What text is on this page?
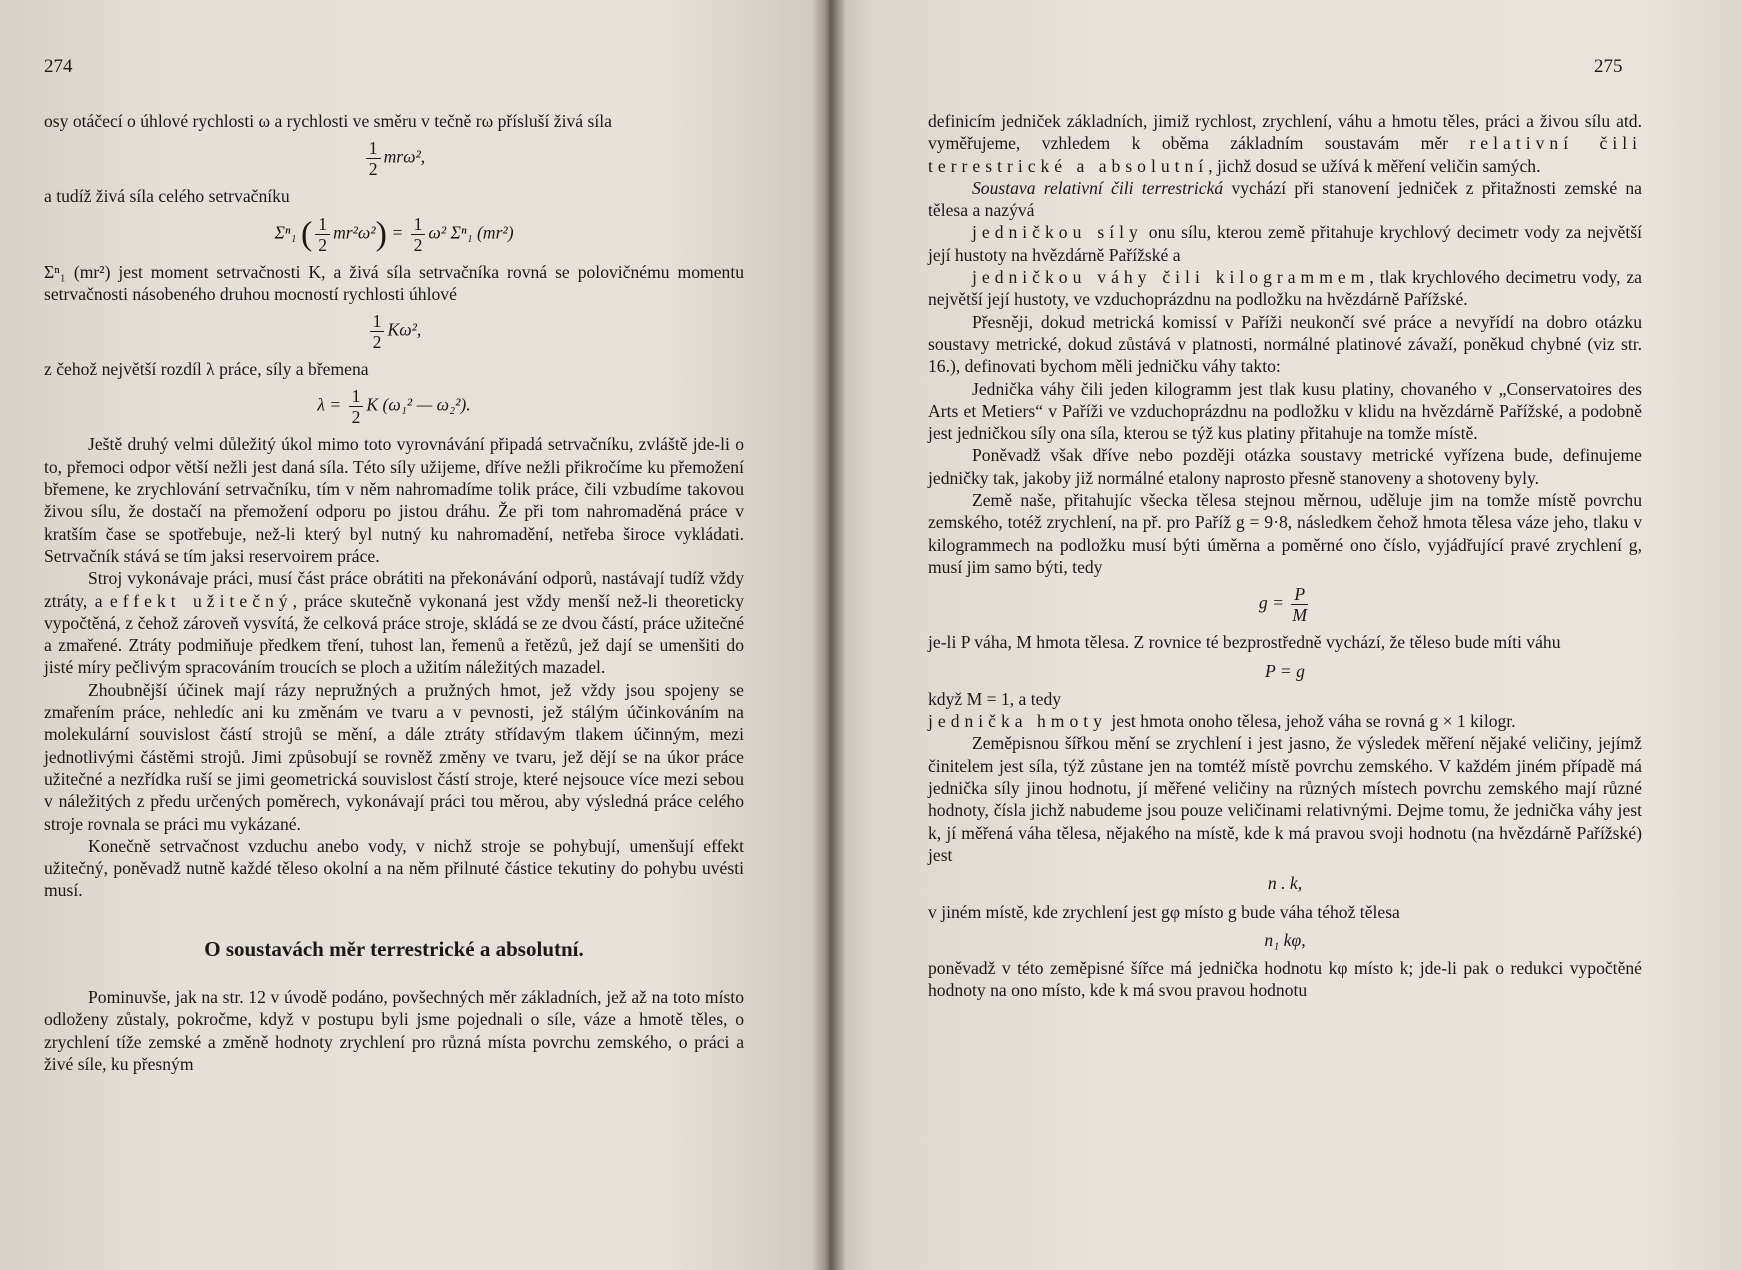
274

osy otáčecí o úhlové rychlosti ω a rychlosti ve směru v tečně rω přísluší živá síla

$\frac{1}{2} mr\omega^2$,

a tudíž živá síla celého setrvačníku

Σⁿ₁ ( $\frac{1}{2} mr^2\omega^2) = \frac{1}{2} \omega^2$ Σⁿ₁ (mr²)

Σⁿ₁ (mr²) jest moment setrvačnosti K, a živá síla setrvačníka rovná se polovičnému momentu setrvačnosti násobeného druhou mocností rychlosti úhlové

$\frac{1}{2} K\omega^2$,

z čehož největší rozdíl λ práce, síly a břemena

$\lambda = \frac{1}{2}$ K (ω₁² — ω₂²).

Ještě druhý velmi důležitý úkol mimo toto vyrovnávání připadá setrvačníku, zvláště jde-li o to, přemoci odpor větší nežli jest daná síla. Této síly užijeme, dříve nežli přikročíme ku přemožení břemene, ke zrychlování setrvačníku, tím v něm nahromadíme tolik práce, čili vzbudíme takovou živou sílu, že dostačí na přemožení odporu po jistou dráhu. Že při tom nahromaděná práce v kratším čase se spotřebuje, než-li který byl nutný ku nahromadění, netřeba široce vykládati. Setrvačník stává se tím jaksi reservoirem práce.

Stroj vykonávaje práci, musí část práce obrátiti na překonávání odporů, nastávají tudíž vždy ztráty, a effekt užitečný, práce skutečně vykonaná jest vždy menší než-li theoreticky vypočtěná, z čehož zároveň vysvítá, že celková práce stroje, skládá se ze dvou částí, práce užitečné a zmařené. Ztráty podmiňuje předkem tření, tuhost lan, řemenů a řetězů, jež dají se umenšiti do jisté míry pečlivým spracováním troucích se ploch a užitím náležitých mazadel.

Zhoubnější účinek mají rázy nepružných a pružných hmot, jež vždy jsou spojeny se zmařením práce, nehledíc ani ku změnám ve tvaru a v pevnosti, jež stálým účinkováním na molekulární souvislost částí strojů se mění, a dále ztráty střídavým tlakem účinným, mezi jednotlivými částěmi strojů. Jimi způsobují se rovněž změny ve tvaru, jež dějí se na úkor práce užitečné a nezřídka ruší se jimi geometrická souvislost částí stroje, které nejsouce více mezi sebou v náležitých z předu určených poměrech, vykonávají práci tou měrou, aby výsledná práce celého stroje rovnala se práci mu vykázané.

Konečně setrvačnost vzduchu anebo vody, v nichž stroje se pohybují, umenšují effekt užitečný, poněvadž nutně každé těleso okolní a na něm přilnuté částice tekutiny do pohybu uvésti musí.

O soustavách měr terrestrické a absolutní.

Pominuvše, jak na str. 12 v úvodě podáno, povšechných měr základních, jež až na toto místo odloženy zůstaly, pokročme, když v postupu byli jsme pojednali o síle, váze a hmotě těles, o zrychlení tíže zemské a změně hodnoty zrychlení pro různá místa povrchu zemského, o práci a živé síle, ku přesným

275

definicím jedniček základních, jimiž rychlost, zrychlení, váhu a hmotu těles, práci a živou sílu atd. vyměřujeme, vzhledem k oběma základním soustavám měr relativní čili terrestrické a absolutní, jichž dosud se užívá k měření veličin samých.

Soustava relativní čili terrestrická vychází při stanovení jedniček z přitažnosti zemské na tělesa a nazývá

jedničkou síly onu sílu, kterou země přitahuje krychlový decimetr vody za největší její hustoty na hvězdárně Pařížské a

jedničkou váhy čili kilogrammem, tlak krychlového decimetru vody, za největší její hustoty, ve vzduchoprázdnu na podložku na hvězdárně Pařížské.

Přesněji, dokud metrická komissí v Paříži neukončí své práce a nevyřídí na dobro otázku soustavy metrické, dokud zůstává v platnosti, normálné platinové závaží, poněkud chybné (viz str. 16.), definovati bychom měli jedničku váhy takto:

Jednička váhy čili jeden kilogramm jest tlak kusu platiny, chovaného v „Conservatoires des Arts et Metiers“ v Paříži ve vzduchoprázdnu na podložku v klidu na hvězdárně Pařížské, a podobně jest jedničkou síly ona síla, kterou se týž kus platiny přitahuje na tomže místě.

Poněvadž však dříve nebo později otázka soustavy metrické vyřízena bude, definujeme jedničky tak, jakoby již normálné etalony naprosto přesně stanoveny a shotoveny byly.

Země naše, přitahujíc všecka tělesa stejnou měrnou, uděluje jim na tomže místě povrchu zemského, totéž zrychlení, na př. pro Paříž g = 9·8, následkem čehož hmota tělesa váze jeho, tlaku v kilogrammech na podložku musí býti úměrna a poměrné ono číslo, vyjádřující pravé zrychlení g, musí jim samo býti, tedy

$g = \frac{P}{M}$

je-li P váha, M hmota tělesa. Z rovnice té bezprostředně vychází, že těleso bude míti váhu

P = g

když M = 1, a tedy

jednička hmoty jest hmota onoho tělesa, jehož váha se rovná g × 1 kilogr.

Zeměpisnou šířkou mění se zrychlení i jest jasno, že výsledek měření nějaké veličiny, jejímž činitelem jest síla, týž zůstane jen na tomtéž místě povrchu zemského. V každém jiném případě má jednička síly jinou hodnotu, jí měřené veličiny na různých místech povrchu zemského mají různé hodnoty, čísla jichž nabudeme jsou pouze veličinami relativnými. Dejme tomu, že jednička váhy jest k, jí měřená váha tělesa, nějakého na místě, kde k má pravou svoji hodnotu (na hvězdárně Pařížské) jest

n . k,

v jiném místě, kde zrychlení jest gφ místo g bude váha téhož tělesa

n₁ kφ,

poněvadž v této zeměpisné šířce má jednička hodnotu kφ místo k; jde-li pak o redukci vypočtěné hodnoty na ono místo, kde k má svou pravou hodnotu
